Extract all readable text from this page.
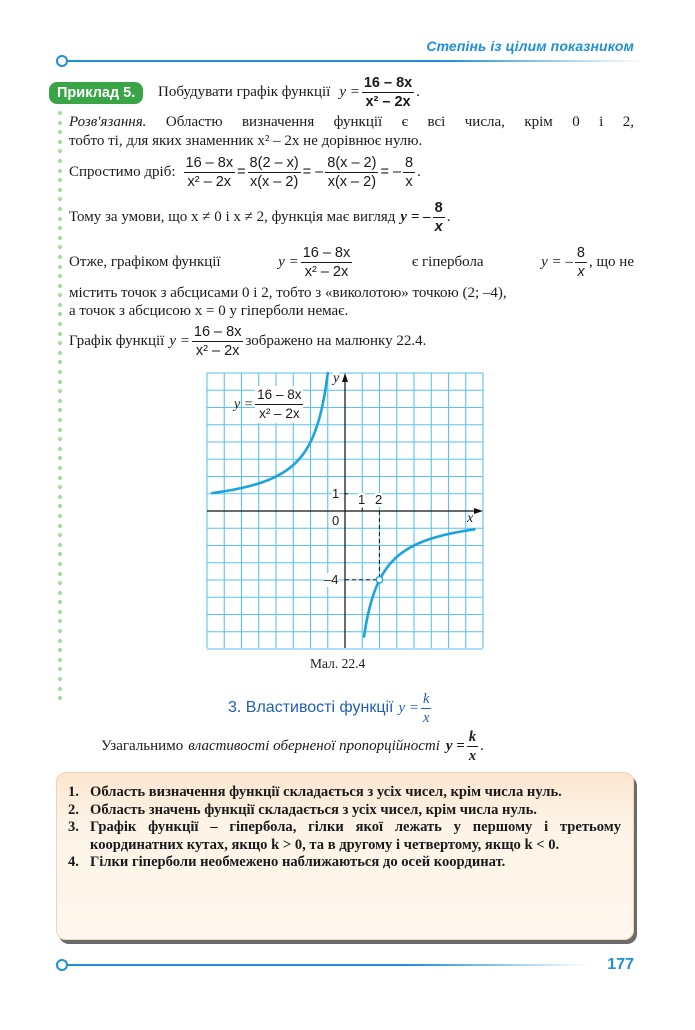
Степінь із цілим показником
Приклад 5.	Побудувати графік функції $y = \frac{16 - 8x}{\text{x² – 2x}}$ .
Розв'язання. Областю визначення функції є всі числа, крім 0 і 2,
тобто ті, для яких знаменник x² – 2x не дорівнює нулю.
Спростимо дріб: $\frac{16 - 8x}{\text{x² – 2x}} = \frac{8(2 - x)}{x(x - 2)}$ = – $\frac{8(x - 2)}{x(x - 2)}$ = – $\frac{8}{x}$ .
Тому за умови, що x ≠ 0 і x ≠ 2, функція має вигляд y = – $\frac{8}{x}$ .
Отже, графіком функції	$y = \frac{16 - 8x}{\text{x² – 2x}}$	є гіпербола	y = – $\frac{8}{x}$ , що не
містить точок з абсцисами 0 і 2, тобто з «виколотою» точкою (2; –4),
а точок з абсцисою x = 0 у гіперболи немає.
Графік функції $y = \frac{16 - 8x}{\text{x² – 2x}}$ зображено на малюнку 22.4.
$y = \frac{16 - 8x}{\text{x² – 2x}}$
y
x
1 2
1
0
–4
Мал. 22.4
3. Властивості функції $y = \frac{k}{x}$
Узагальнимо властивості оберненої пропорційності $y = \frac{k}{x}$ .
1. Область визначення функції складається з усіх чисел, крім числа нуль.
2. Область значень функції складається з усіх чисел, крім числа нуль.
3. Графік функції – гіпербола, гілки якої лежать у першому і третьому координатних кутах, якщо k > 0, та в другому і четвертому, якщо k < 0.
4. Гілки гіперболи необмежено наближаються до осей координат.
177
